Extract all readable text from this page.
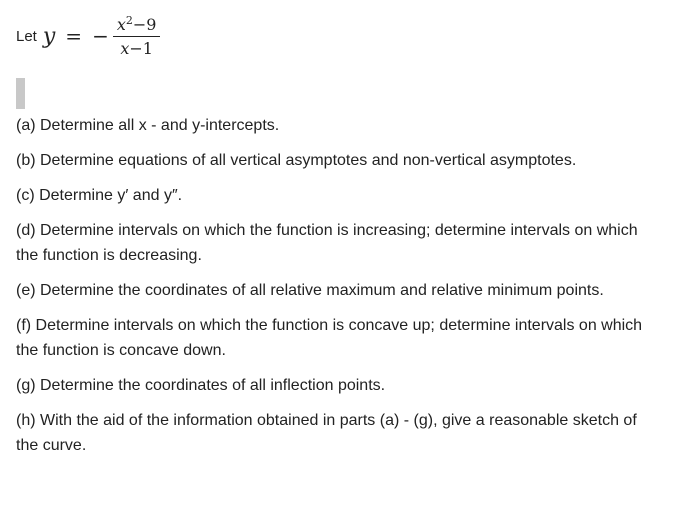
Let y = − $\frac{x^2-9}{x-1}$

(a) Determine all x - and y-intercepts.

(b) Determine equations of all vertical asymptotes and non-vertical asymptotes.

(c) Determine y′ and y″.

(d) Determine intervals on which the function is increasing; determine intervals on which the function is decreasing.

(e) Determine the coordinates of all relative maximum and relative minimum points.

(f) Determine intervals on which the function is concave up; determine intervals on which the function is concave down.

(g) Determine the coordinates of all inflection points.

(h) With the aid of the information obtained in parts (a) - (g), give a reasonable sketch of the curve.
